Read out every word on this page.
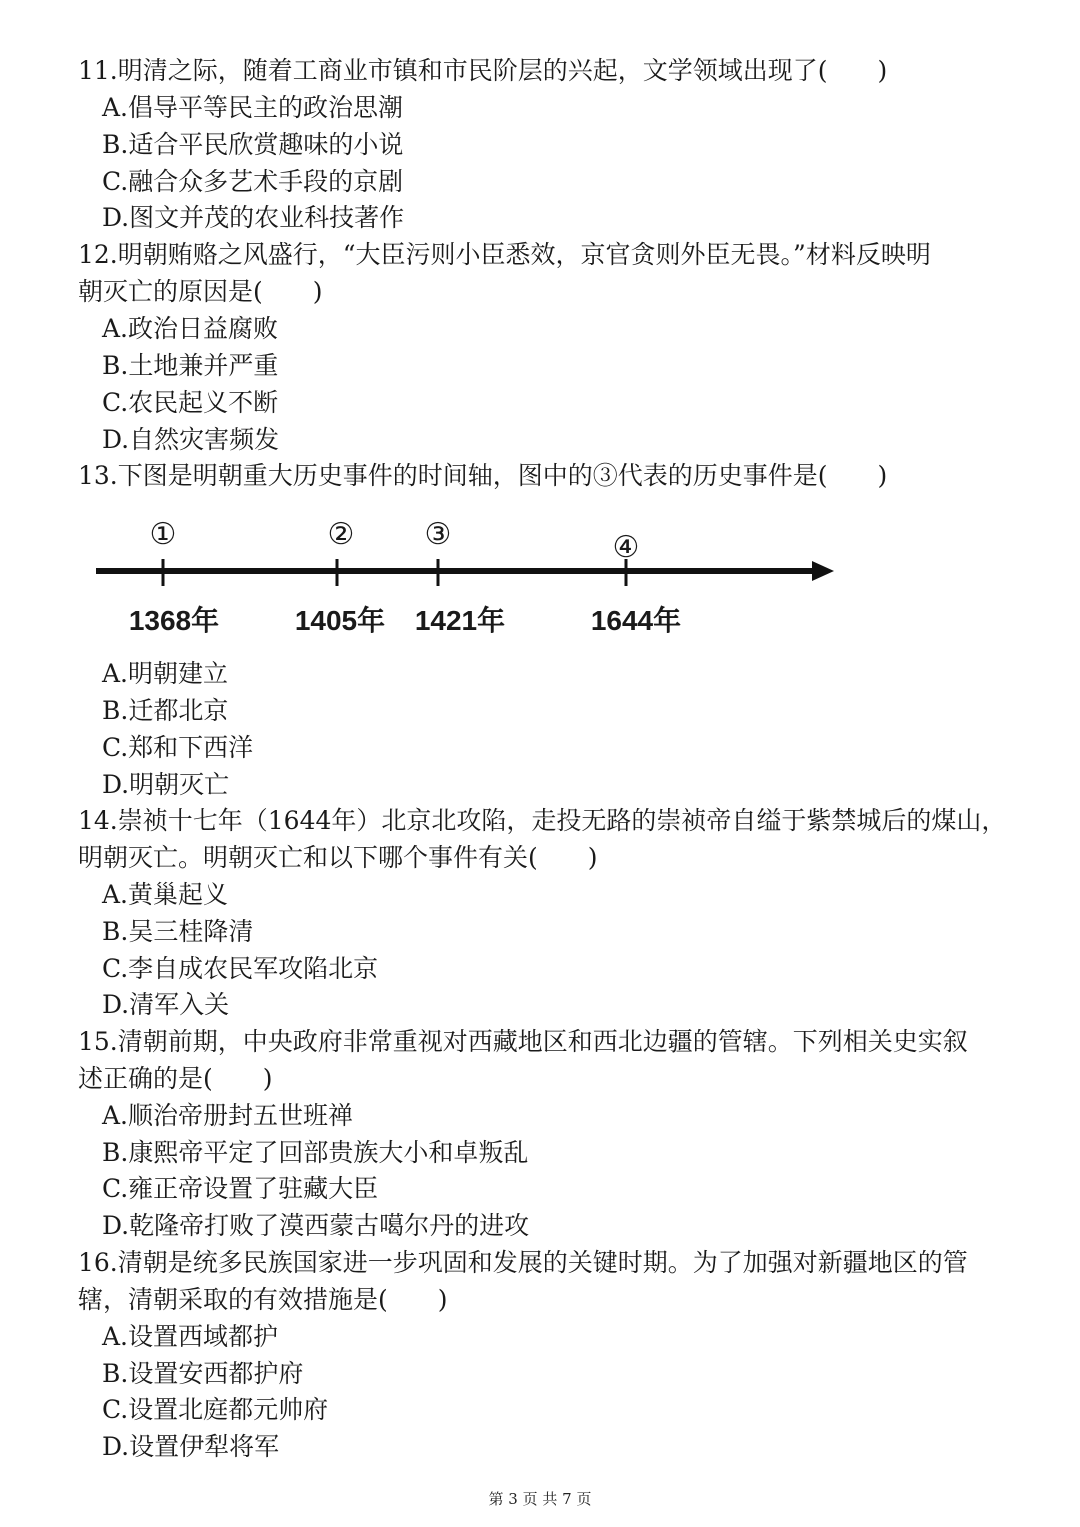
11.明清之际，随着工商业市镇和市民阶层的兴起，文学领域出现了(　　)
A.倡导平等民主的政治思潮
B.适合平民欣赏趣味的小说
C.融合众多艺术手段的京剧
D.图文并茂的农业科技著作
12.明朝贿赂之风盛行，“大臣污则小臣悉效，京官贪则外臣无畏。”材料反映明
朝灭亡的原因是(　　)
A.政治日益腐败
B.土地兼并严重
C.农民起义不断
D.自然灾害频发
13.下图是明朝重大历史事件的时间轴，图中的③代表的历史事件是(　　)
①	② ③	④
1368年	1405年 1421年	1644年
A.明朝建立
B.迁都北京
C.郑和下西洋
D.明朝灭亡
14.崇祯十七年（1644年）北京北攻陷，走投无路的崇祯帝自缢于紫禁城后的煤山，
明朝灭亡。明朝灭亡和以下哪个事件有关(　　)
A.黄巢起义
B.吴三桂降清
C.李自成农民军攻陷北京
D.清军入关
15.清朝前期，中央政府非常重视对西藏地区和西北边疆的管辖。下列相关史实叙
述正确的是(　　)
A.顺治帝册封五世班禅
B.康熙帝平定了回部贵族大小和卓叛乱
C.雍正帝设置了驻藏大臣
D.乾隆帝打败了漠西蒙古噶尔丹的进攻
16.清朝是统多民族国家进一步巩固和发展的关键时期。为了加强对新疆地区的管
辖，清朝采取的有效措施是(　　)
A.设置西域都护
B.设置安西都护府
C.设置北庭都元帅府
D.设置伊犁将军
第 3 页 共 7 页
